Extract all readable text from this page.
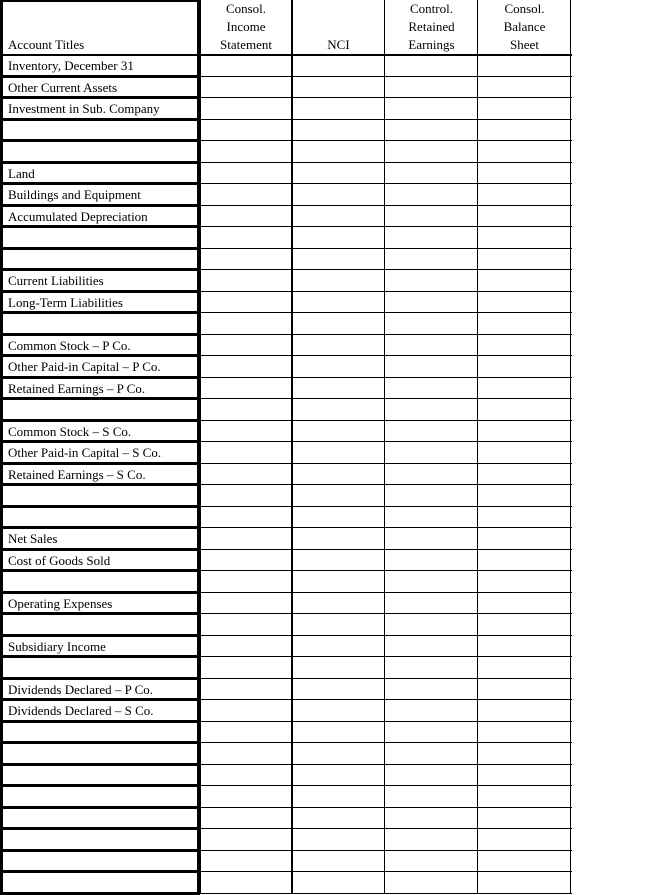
Account Titles
Consol.
Income
Statement	NCI
Control.
Retained
Earnings
Consol.
Balance
Sheet
Inventory, December 31
Other Current Assets
Investment in Sub. Company
Land
Buildings and Equipment
Accumulated Depreciation
Current Liabilities
Long-Term Liabilities
Common Stock – P Co.
Other Paid-in Capital – P Co.
Retained Earnings – P Co.
Common Stock – S Co.
Other Paid-in Capital – S Co.
Retained Earnings – S Co.
Net Sales
Cost of Goods Sold
Operating Expenses
Subsidiary Income
Dividends Declared – P Co.
Dividends Declared – S Co.
